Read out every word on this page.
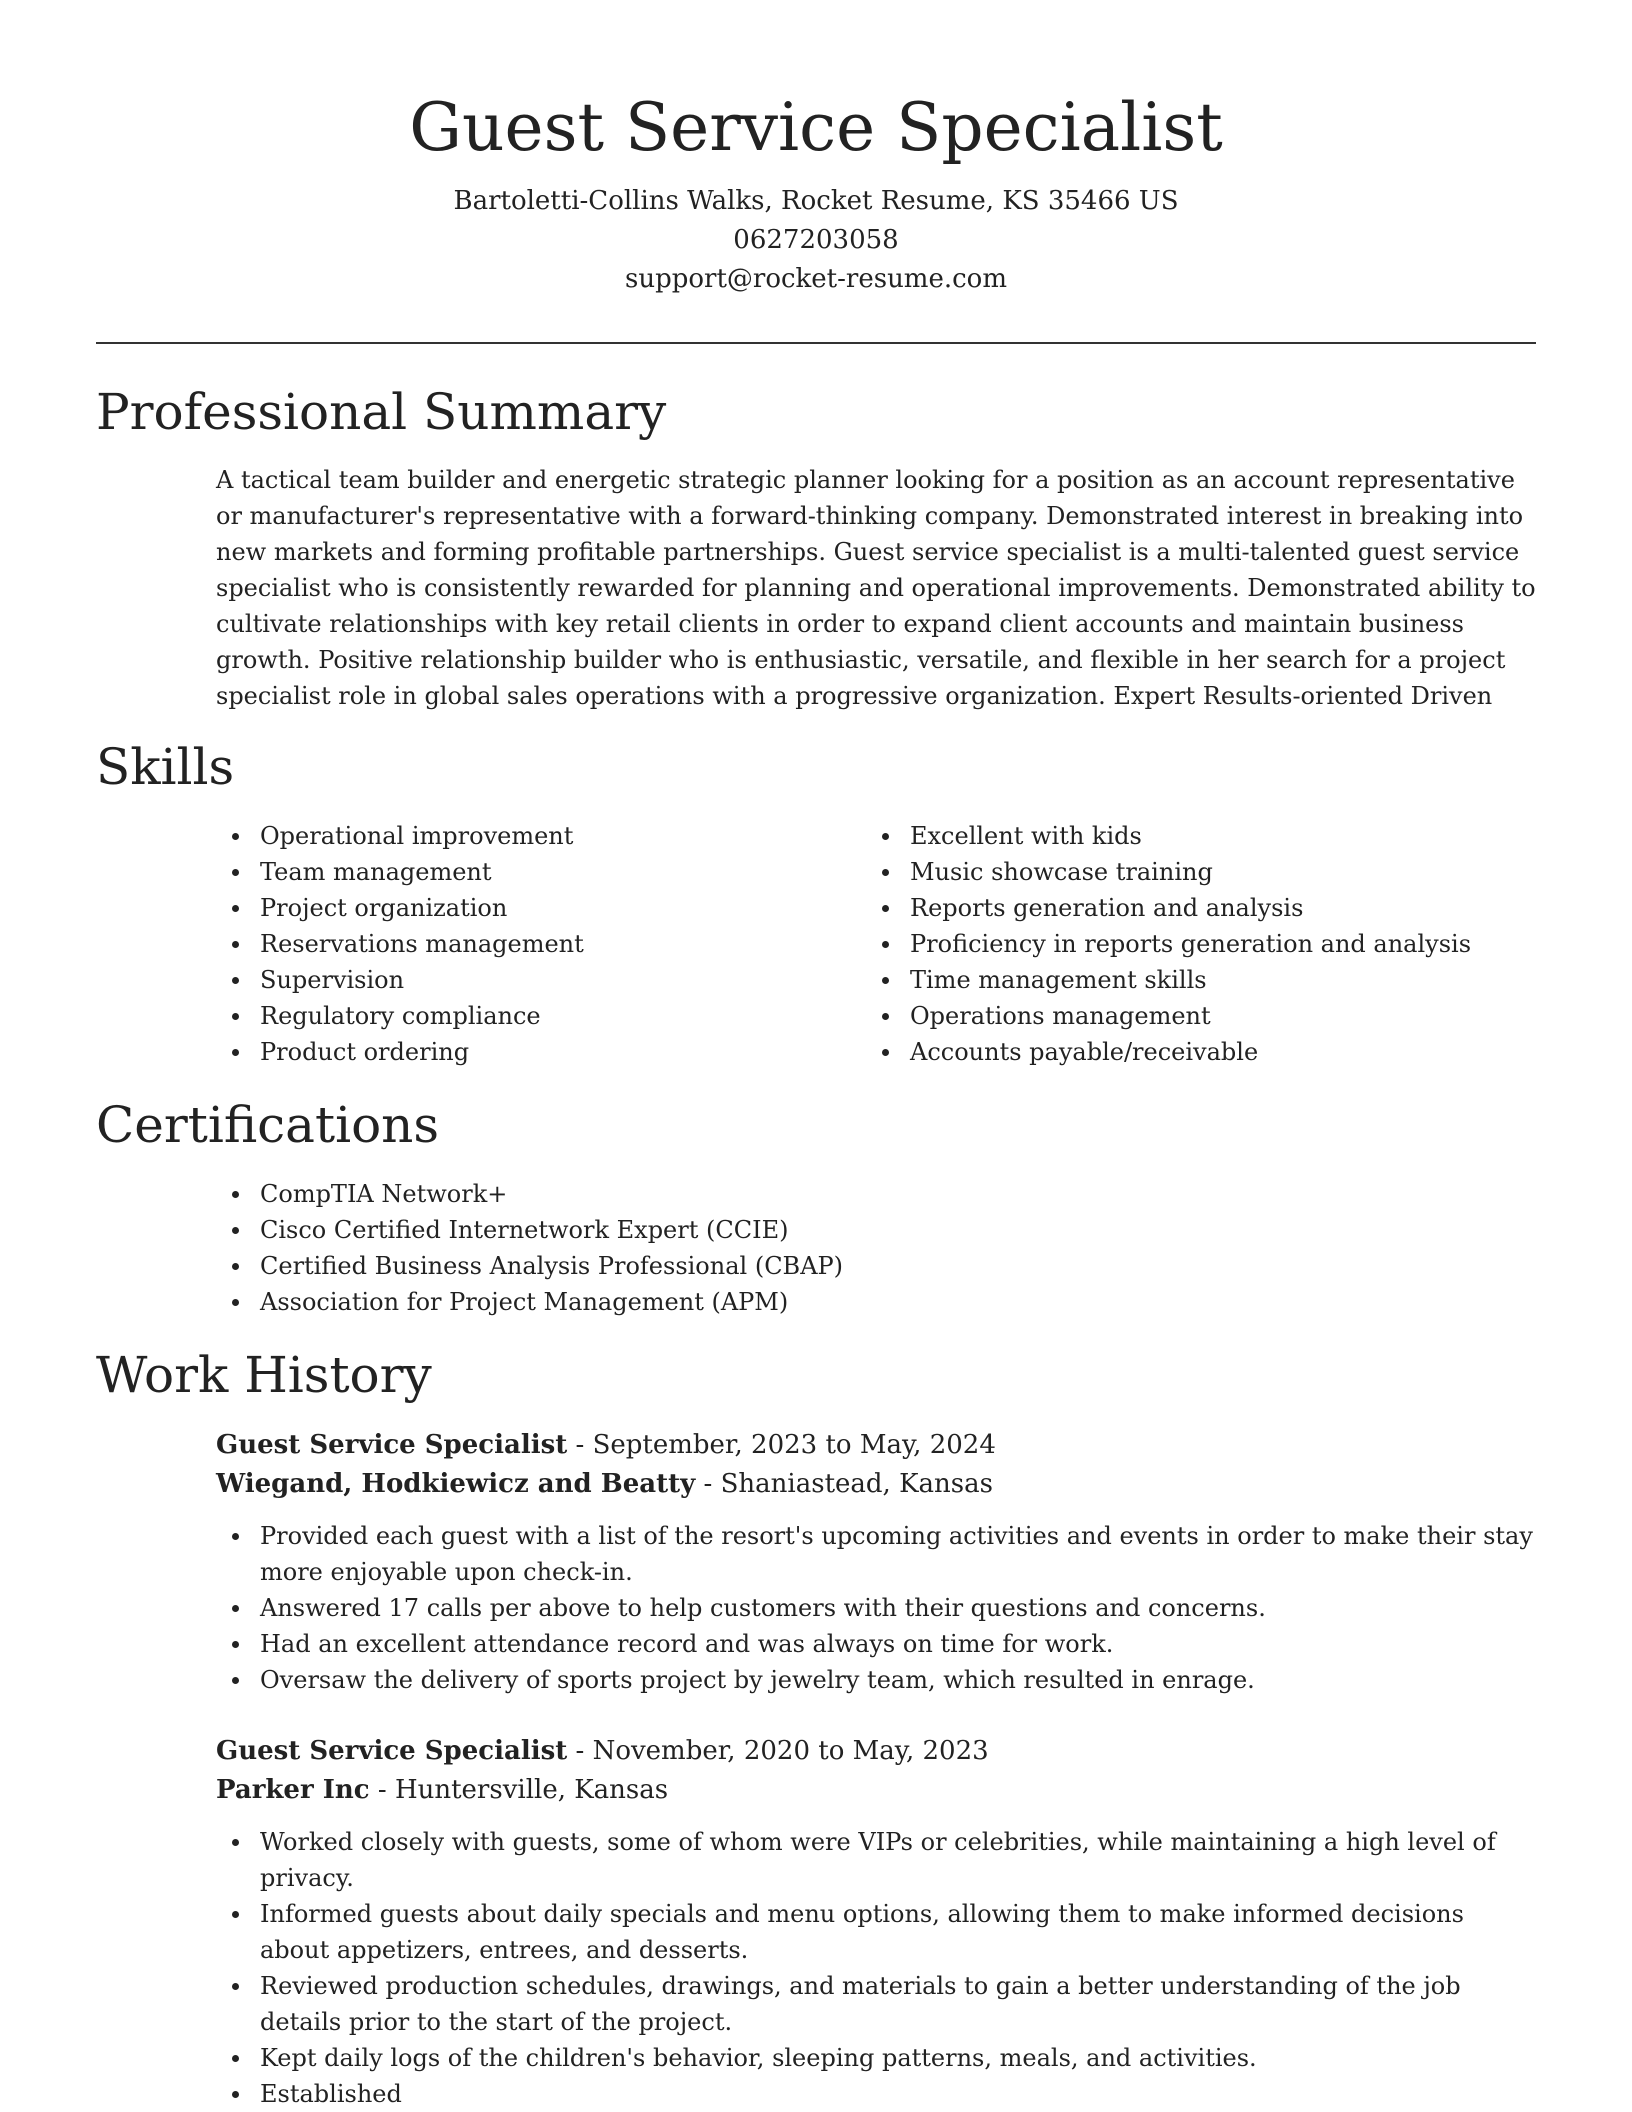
Guest Service Specialist

Bartoletti-Collins Walks, Rocket Resume, KS 35466 US

0627203058

support@rocket-resume.com

Professional Summary

A tactical team builder and energetic strategic planner looking for a position as an account representative or manufacturer's representative with a forward-thinking company. Demonstrated interest in breaking into new markets and forming profitable partnerships. Guest service specialist is a multi-talented guest service specialist who is consistently rewarded for planning and operational improvements. Demonstrated ability to cultivate relationships with key retail clients in order to expand client accounts and maintain business growth. Positive relationship builder who is enthusiastic, versatile, and flexible in her search for a project specialist role in global sales operations with a progressive organization. Expert Results-oriented Driven

Skills
Operational improvement
Team management
Project organization
Reservations management
Supervision
Regulatory compliance
Product ordering
Excellent with kids
Music showcase training
Reports generation and analysis
Proficiency in reports generation and analysis
Time management skills
Operations management
Accounts payable/receivable
Certifications
CompTIA Network+
Cisco Certified Internetwork Expert (CCIE)
Certified Business Analysis Professional (CBAP)
Association for Project Management (APM)
Work History

Guest Service Specialist - September, 2023 to May, 2024

Wiegand, Hodkiewicz and Beatty - Shaniastead, Kansas

Provided each guest with a list of the resort's upcoming activities and events in order to make their stay more enjoyable upon check-in.
Answered 17 calls per above to help customers with their questions and concerns.
Had an excellent attendance record and was always on time for work.
Oversaw the delivery of sports project by jewelry team, which resulted in enrage.

Guest Service Specialist - November, 2020 to May, 2023

Parker Inc - Huntersville, Kansas

Worked closely with guests, some of whom were VIPs or celebrities, while maintaining a high level of privacy.
Informed guests about daily specials and menu options, allowing them to make informed decisions about appetizers, entrees, and desserts.
Reviewed production schedules, drawings, and materials to gain a better understanding of the job details prior to the start of the project.
Kept daily logs of the children's behavior, sleeping patterns, meals, and activities.
Established
